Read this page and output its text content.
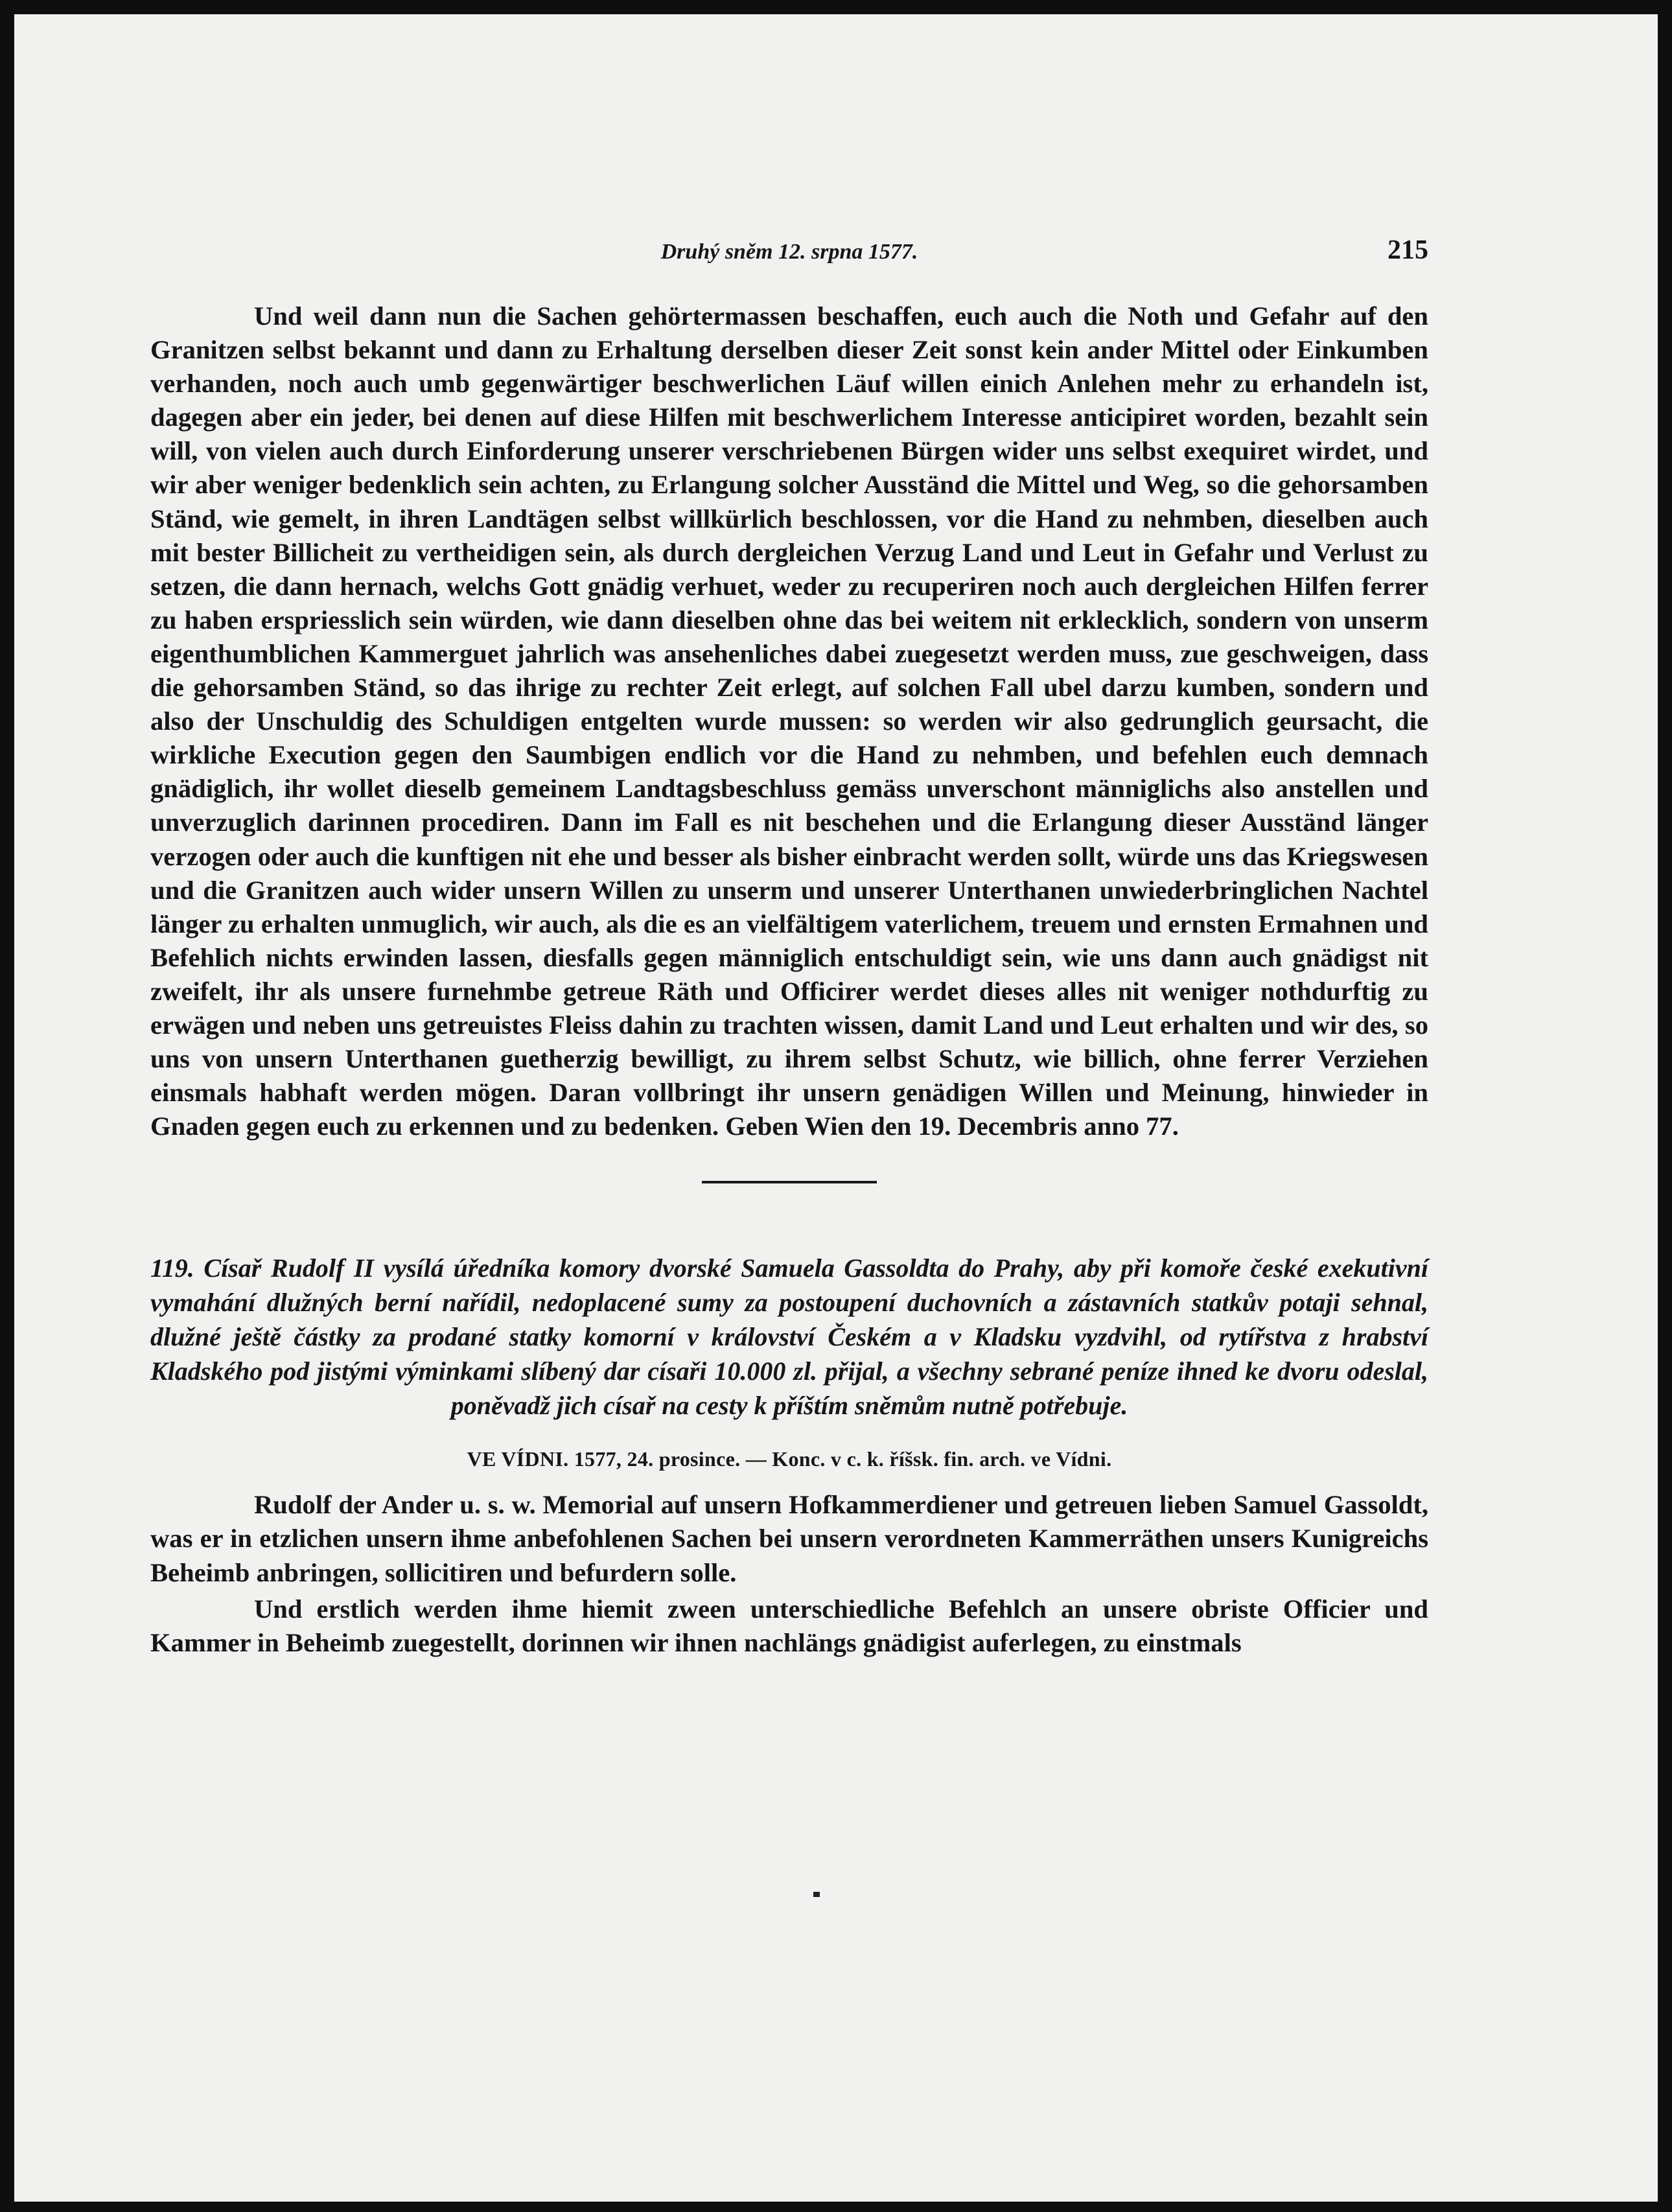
Druhý sněm 12. srpna 1577.	215

Und weil dann nun die Sachen gehörtermassen beschaffen, euch auch die Noth und Gefahr auf den Granitzen selbst bekannt und dann zu Erhaltung derselben dieser Zeit sonst kein ander Mittel oder Einkumben verhanden, noch auch umb gegenwärtiger beschwerlichen Läuf willen einich Anlehen mehr zu erhandeln ist, dagegen aber ein jeder, bei denen auf diese Hilfen mit beschwerlichem Interesse anticipiret worden, bezahlt sein will, von vielen auch durch Einforderung unserer verschriebenen Bürgen wider uns selbst exequiret wirdet, und wir aber weniger bedenklich sein achten, zu Erlangung solcher Ausständ die Mittel und Weg, so die gehorsamben Ständ, wie gemelt, in ihren Landtägen selbst willkürlich beschlossen, vor die Hand zu nehmben, dieselben auch mit bester Billicheit zu vertheidigen sein, als durch dergleichen Verzug Land und Leut in Gefahr und Verlust zu setzen, die dann hernach, welchs Gott gnädig verhuet, weder zu recuperiren noch auch dergleichen Hilfen ferrer zu haben erspriesslich sein würden, wie dann dieselben ohne das bei weitem nit erklecklich, sondern von unserm eigenthumblichen Kammerguet jahrlich was ansehenliches dabei zuegesetzt werden muss, zue geschweigen, dass die gehorsamben Ständ, so das ihrige zu rechter Zeit erlegt, auf solchen Fall ubel darzu kumben, sondern und also der Unschuldig des Schuldigen entgelten wurde mussen: so werden wir also gedrunglich geursacht, die wirkliche Execution gegen den Saumbigen endlich vor die Hand zu nehmben, und befehlen euch demnach gnädiglich, ihr wollet dieselb gemeinem Landtagsbeschluss gemäss unverschont männiglichs also anstellen und unverzuglich darinnen procediren. Dann im Fall es nit beschehen und die Erlangung dieser Ausständ länger verzogen oder auch die kunftigen nit ehe und besser als bisher einbracht werden sollt, würde uns das Kriegswesen und die Granitzen auch wider unsern Willen zu unserm und unserer Unterthanen unwiederbringlichen Nachtel länger zu erhalten unmuglich, wir auch, als die es an vielfältigem vaterlichem, treuem und ernsten Ermahnen und Befehlich nichts erwinden lassen, diesfalls gegen männiglich entschuldigt sein, wie uns dann auch gnädigst nit zweifelt, ihr als unsere furnehmbe getreue Räth und Officirer werdet dieses alles nit weniger nothdurftig zu erwägen und neben uns getreuistes Fleiss dahin zu trachten wissen, damit Land und Leut erhalten und wir des, so uns von unsern Unterthanen guetherzig bewilligt, zu ihrem selbst Schutz, wie billich, ohne ferrer Verziehen einsmals habhaft werden mögen. Daran vollbringt ihr unsern genädigen Willen und Meinung, hinwieder in Gnaden gegen euch zu erkennen und zu bedenken. Geben Wien den 19. Decembris anno 77.

119. Císař Rudolf II vysílá úředníka komory dvorské Samuela Gassoldta do Prahy, aby při komoře české exekutivní vymahání dlužných berní nařídil, nedoplacené sumy za postoupení duchovních a zástavních statkův potaji sehnal, dlužné ještě částky za prodané statky komorní v království Českém a v Kladsku vyzdvihl, od rytířstva z hrabství Kladského pod jistými výminkami slíbený dar císaři 10.000 zl. přijal, a všechny sebrané peníze ihned ke dvoru odeslal, poněvadž jich císař na cesty k příštím sněmům nutně potřebuje.

VE VÍDNI. 1577, 24. prosince. — Konc. v c. k. říšsk. fin. arch. ve Vídni.

Rudolf der Ander u. s. w. Memorial auf unsern Hofkammerdiener und getreuen lieben Samuel Gassoldt, was er in etzlichen unsern ihme anbefohlenen Sachen bei unsern verordneten Kammerräthen unsers Kunigreichs Beheimb anbringen, sollicitiren und befurdern solle.

Und erstlich werden ihme hiemit zween unterschiedliche Befehlch an unsere obriste Officier und Kammer in Beheimb zuegestellt, dorinnen wir ihnen nachlängs gnädigist auferlegen, zu einstmals
